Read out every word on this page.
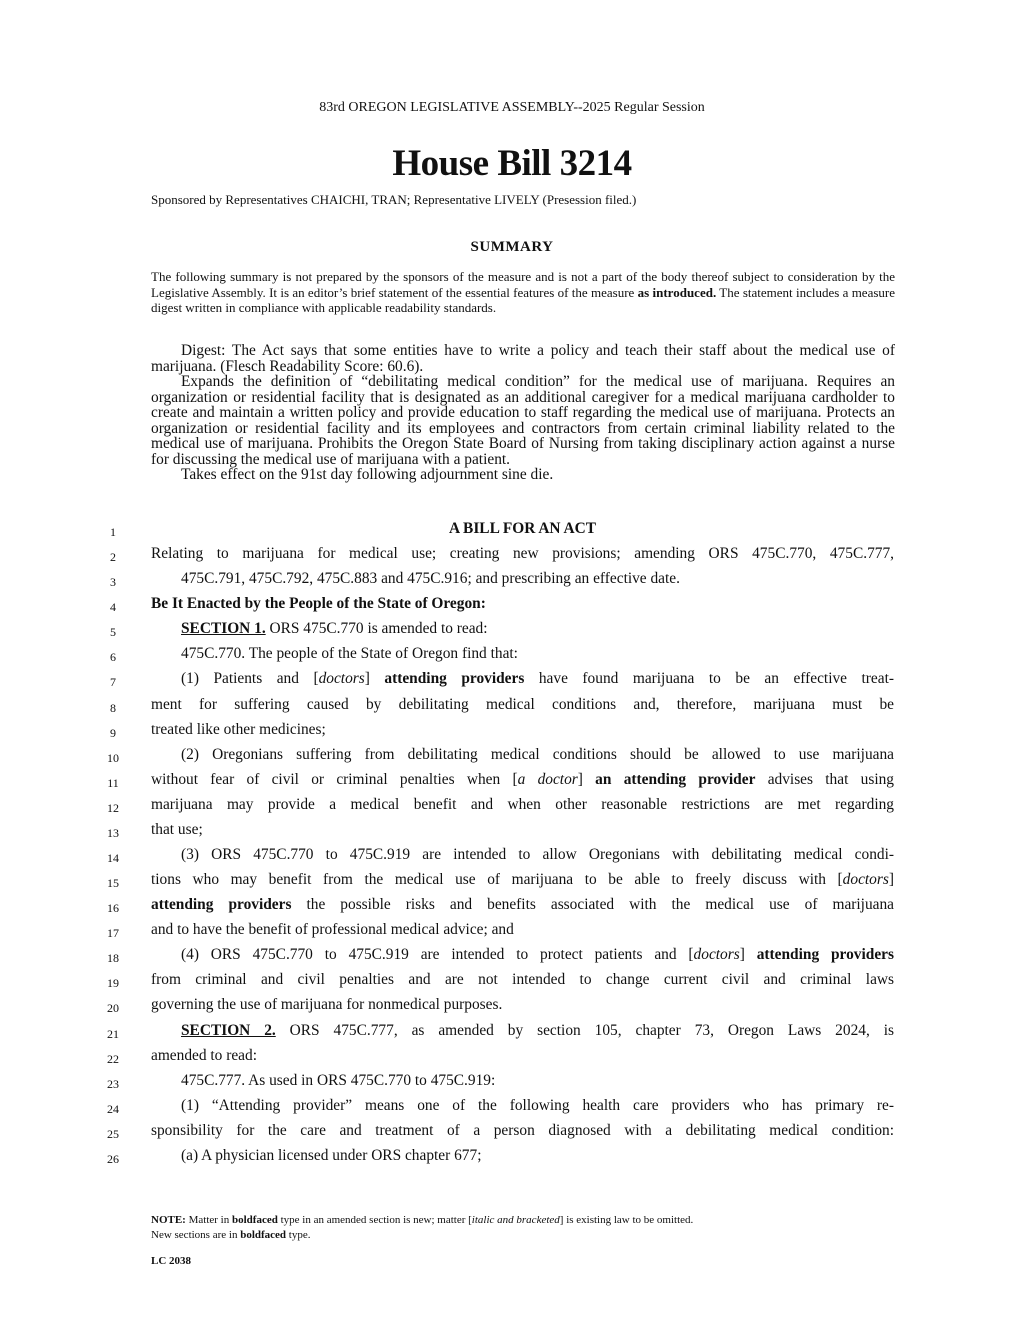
83rd OREGON LEGISLATIVE ASSEMBLY--2025 Regular Session
House Bill 3214
Sponsored by Representatives CHAICHI, TRAN; Representative LIVELY (Presession filed.)
SUMMARY
The following summary is not prepared by the sponsors of the measure and is not a part of the body thereof subject to consideration by the Legislative Assembly. It is an editor’s brief statement of the essential features of the measure as introduced. The statement includes a measure digest written in compliance with applicable readability standards.

Digest: The Act says that some entities have to write a policy and teach their staff about the medical use of marijuana. (Flesch Readability Score: 60.6).

Expands the definition of “debilitating medical condition” for the medical use of marijuana. Requires an organization or residential facility that is designated as an additional caregiver for a medical marijuana cardholder to create and maintain a written policy and provide education to staff regarding the medical use of marijuana. Protects an organization or residential facility and its employees and contractors from certain criminal liability related to the medical use of marijuana. Prohibits the Oregon State Board of Nursing from taking disciplinary action against a nurse for discussing the medical use of marijuana with a patient.

Takes effect on the 91st day following adjournment sine die.

1	A BILL FOR AN ACT
2	Relating to marijuana for medical use; creating new provisions; amending ORS 475C.770, 475C.777,
3	475C.791, 475C.792, 475C.883 and 475C.916; and prescribing an effective date.
4	Be It Enacted by the People of the State of Oregon:
5	SECTION 1. ORS 475C.770 is amended to read:
6	475C.770. The people of the State of Oregon find that:
7	(1) Patients and [doctors] attending providers have found marijuana to be an effective treat-
8	ment for suffering caused by debilitating medical conditions and, therefore, marijuana must be
9	treated like other medicines;
10	(2) Oregonians suffering from debilitating medical conditions should be allowed to use marijuana
11	without fear of civil or criminal penalties when [a doctor] an attending provider advises that using
12	marijuana may provide a medical benefit and when other reasonable restrictions are met regarding
13	that use;
14	(3) ORS 475C.770 to 475C.919 are intended to allow Oregonians with debilitating medical condi-
15	tions who may benefit from the medical use of marijuana to be able to freely discuss with [doctors]
16	attending providers the possible risks and benefits associated with the medical use of marijuana
17	and to have the benefit of professional medical advice; and
18	(4) ORS 475C.770 to 475C.919 are intended to protect patients and [doctors] attending providers
19	from criminal and civil penalties and are not intended to change current civil and criminal laws
20	governing the use of marijuana for nonmedical purposes.
21	SECTION 2. ORS 475C.777, as amended by section 105, chapter 73, Oregon Laws 2024, is
22	amended to read:
23	475C.777. As used in ORS 475C.770 to 475C.919:
24	(1) “Attending provider” means one of the following health care providers who has primary re-
25	sponsibility for the care and treatment of a person diagnosed with a debilitating medical condition:
26	(a) A physician licensed under ORS chapter 677;
NOTE: Matter in boldfaced type in an amended section is new; matter [italic and bracketed] is existing law to be omitted.
New sections are in boldfaced type.
LC 2038
